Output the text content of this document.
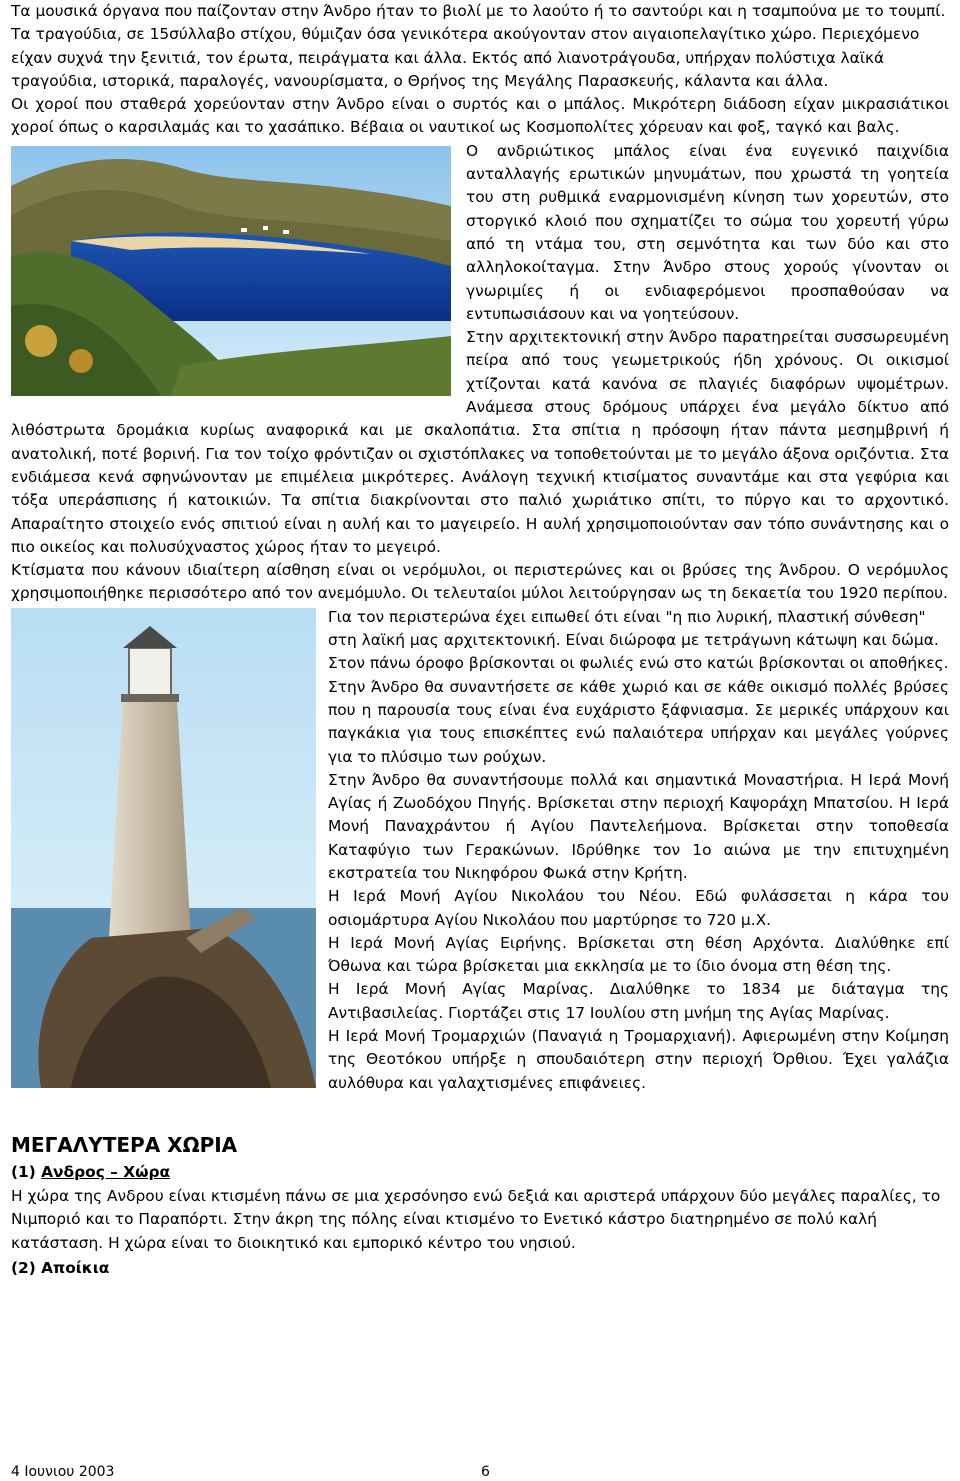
Τα μουσικά όργανα που παίζονταν στην Άνδρο ήταν το βιολί με το λαούτο ή το σαντούρι και η τσαμπούνα με το τουμπί.

Τα τραγούδια, σε 15σύλλαβο στίχου, θύμιζαν όσα γενικότερα ακούγονταν στον αιγαιοπελαγίτικο χώρο. Περιεχόμενο είχαν συχνά την ξενιτιά, τον έρωτα, πειράγματα και άλλα. Εκτός από λιανοτράγουδα, υπήρχαν πολύστιχα λαϊκά τραγούδια, ιστορικά, παραλογές, νανουρίσματα, ο Θρήνος της Μεγάλης Παρασκευής, κάλαντα και άλλα.

Οι χοροί που σταθερά χορεύονταν στην Άνδρο είναι ο συρτός και ο μπάλος. Μικρότερη διάδοση είχαν μικρασιάτικοι χοροί όπως ο καρσιλαμάς και το χασάπικο. Βέβαια οι ναυτικοί ως Κοσμοπολίτες χόρευαν και φοξ, ταγκό και βαλς.

Ο ανδριώτικος μπάλος είναι ένα ευγενικό παιχνίδια ανταλλαγής ερωτικών μηνυμάτων, που χρωστά τη γοητεία του στη ρυθμικά εναρμονισμένη κίνηση των χορευτών, στο στοργικό κλοιό που σχηματίζει το σώμα του χορευτή γύρω από τη ντάμα του, στη σεμνότητα και των δύο και στο αλληλοκοίταγμα. Στην Άνδρο στους χορούς γίνονταν οι γνωριμίες ή οι ενδιαφερόμενοι προσπαθούσαν να εντυπωσιάσουν και να γοητεύσουν.

Στην αρχιτεκτονική στην Άνδρο παρατηρείται συσσωρευμένη πείρα από τους γεωμετρικούς ήδη χρόνους. Οι οικισμοί χτίζονται κατά κανόνα σε πλαγιές διαφόρων υψομέτρων. Ανάμεσα στους δρόμους υπάρχει ένα μεγάλο δίκτυο από λιθόστρωτα δρομάκια κυρίως αναφορικά και με σκαλοπάτια. Στα σπίτια η πρόσοψη ήταν πάντα μεσημβρινή ή ανατολική, ποτέ βορινή. Για τον τοίχο φρόντιζαν οι σχιστόπλακες να τοποθετούνται με το μεγάλο άξονα οριζόντια. Στα ενδιάμεσα κενά σφηνώνονταν με επιμέλεια μικρότερες. Ανάλογη τεχνική κτισίματος συναντάμε και στα γεφύρια και τόξα υπεράσπισης ή κατοικιών. Τα σπίτια διακρίνονται στο παλιό χωριάτικο σπίτι, το πύργο και το αρχοντικό. Απαραίτητο στοιχείο ενός σπιτιού είναι η αυλή και το μαγειρείο. Η αυλή χρησιμοποιούνταν σαν τόπο συνάντησης και ο πιο οικείος και πολυσύχναστος χώρος ήταν το μεγειρό.

Κτίσματα που κάνουν ιδιαίτερη αίσθηση είναι οι νερόμυλοι, οι περιστερώνες και οι βρύσες της Άνδρου. Ο νερόμυλος χρησιμοποιήθηκε περισσότερο από τον ανεμόμυλο. Οι τελευταίοι μύλοι λειτούργησαν ως τη δεκαετία του 1920 περίπου.

Για τον περιστερώνα έχει ειπωθεί ότι είναι "η πιο λυρική, πλαστική σύνθεση" στη λαϊκή μας αρχιτεκτονική. Είναι διώροφα με τετράγωνη κάτωψη και δώμα. Στον πάνω όροφο βρίσκονται οι φωλιές ενώ στο κατώι βρίσκονται οι αποθήκες.

Στην Άνδρο θα συναντήσετε σε κάθε χωριό και σε κάθε οικισμό πολλές βρύσες που η παρουσία τους είναι ένα ευχάριστο ξάφνιασμα. Σε μερικές υπάρχουν και παγκάκια για τους επισκέπτες ενώ παλαιότερα υπήρχαν και μεγάλες γούρνες για το πλύσιμο των ρούχων.

Στην Άνδρο θα συναντήσουμε πολλά και σημαντικά Μοναστήρια. Η Ιερά Μονή Αγίας ή Ζωοδόχου Πηγής. Βρίσκεται στην περιοχή Καψοράχη Μπατσίου. Η Ιερά Μονή Παναχράντου ή Αγίου Παντελεήμονα. Βρίσκεται στην τοποθεσία Καταφύγιο των Γερακώνων. Ιδρύθηκε τον 1ο αιώνα με την επιτυχημένη εκστρατεία του Νικηφόρου Φωκά στην Κρήτη.

Η Ιερά Μονή Αγίου Νικολάου του Νέου. Εδώ φυλάσσεται η κάρα του οσιομάρτυρα Αγίου Νικολάου που μαρτύρησε το 720 μ.Χ.

Η Ιερά Μονή Αγίας Ειρήνης. Βρίσκεται στη θέση Αρχόντα. Διαλύθηκε επί Όθωνα και τώρα βρίσκεται μια εκκλησία με το ίδιο όνομα στη θέση της.

Η Ιερά Μονή Αγίας Μαρίνας. Διαλύθηκε το 1834 με διάταγμα της Αντιβασιλείας. Γιορτάζει στις 17 Ιουλίου στη μνήμη της Αγίας Μαρίνας.

Η Ιερά Μονή Τρομαρχιών (Παναγιά η Τρομαρχιανή). Αφιερωμένη στην Κοίμηση της Θεοτόκου υπήρξε η σπουδαιότερη στην περιοχή Όρθιου. Έχει γαλάζια αυλόθυρα και γαλαχτισμένες επιφάνειες.

ΜΕΓΑΛΥΤΕΡΑ ΧΩΡΙΑ

(1) Ανδρος – Χώρα

Η χώρα της Ανδρου είναι κτισμένη πάνω σε μια χερσόνησο ενώ δεξιά και αριστερά υπάρχουν δύο μεγάλες παραλίες, το Νιμποριό και το Παραπόρτι. Στην άκρη της πόλης είναι κτισμένο το Ενετικό κάστρο διατηρημένο σε πολύ καλή κατάσταση. Η χώρα είναι το διοικητικό και εμπορικό κέντρο του νησιού.

(2) Αποίκια

4 Ιουνιου 2003	6
